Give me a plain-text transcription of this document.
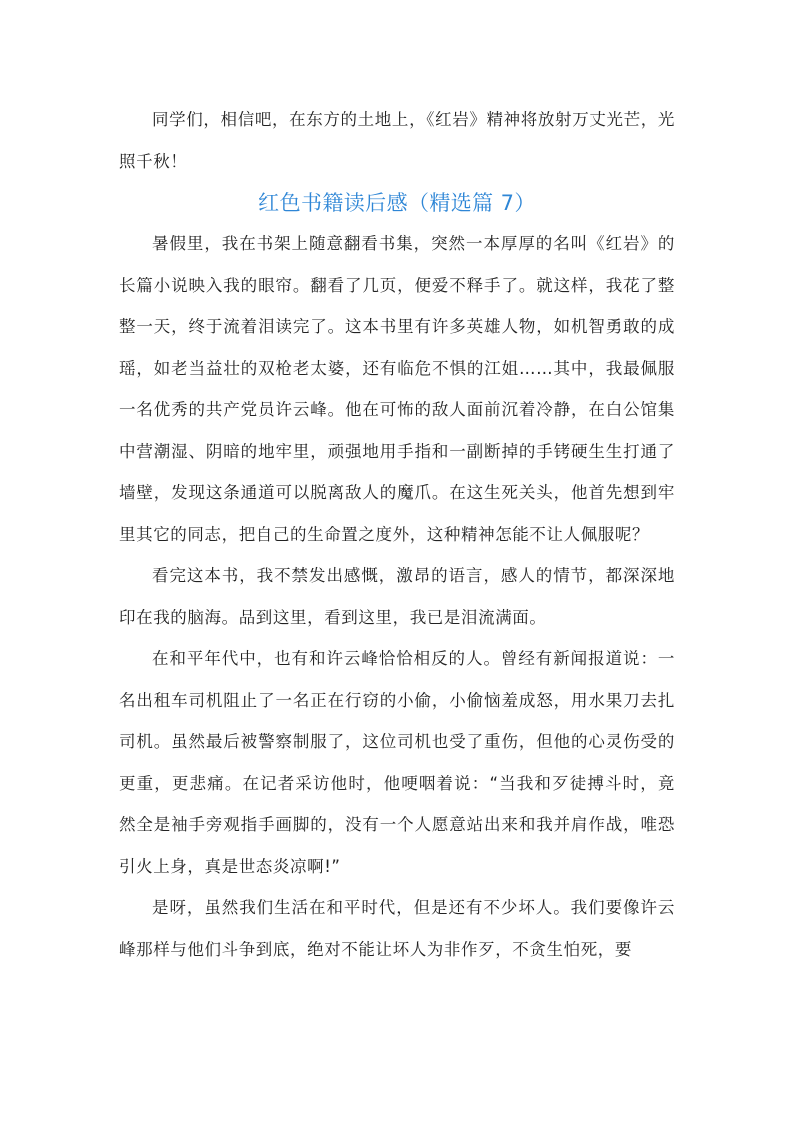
同学们，相信吧，在东方的土地上，《红岩》精神将放射万丈光芒，光照千秋！

红色书籍读后感（精选篇 7）

暑假里，我在书架上随意翻看书集，突然一本厚厚的名叫《红岩》的长篇小说映入我的眼帘。翻看了几页，便爱不释手了。就这样，我花了整整一天，终于流着泪读完了。这本书里有许多英雄人物，如机智勇敢的成瑶，如老当益壮的双枪老太婆，还有临危不惧的江姐……其中，我最佩服一名优秀的共产党员许云峰。他在可怖的敌人面前沉着冷静，在白公馆集中营潮湿、阴暗的地牢里，顽强地用手指和一副断掉的手铐硬生生打通了墙壁，发现这条通道可以脱离敌人的魔爪。在这生死关头，他首先想到牢里其它的同志，把自己的生命置之度外，这种精神怎能不让人佩服呢？

看完这本书，我不禁发出感慨，激昂的语言，感人的情节，都深深地印在我的脑海。品到这里，看到这里，我已是泪流满面。

在和平年代中，也有和许云峰恰恰相反的人。曾经有新闻报道说：一名出租车司机阻止了一名正在行窃的小偷，小偷恼羞成怒，用水果刀去扎司机。虽然最后被警察制服了，这位司机也受了重伤，但他的心灵伤受的更重，更悲痛。在记者采访他时，他哽咽着说：“当我和歹徒搏斗时，竟然全是袖手旁观指手画脚的，没有一个人愿意站出来和我并肩作战，唯恐引火上身，真是世态炎凉啊!”

是呀，虽然我们生活在和平时代，但是还有不少坏人。我们要像许云峰那样与他们斗争到底，绝对不能让坏人为非作歹，不贪生怕死，要
